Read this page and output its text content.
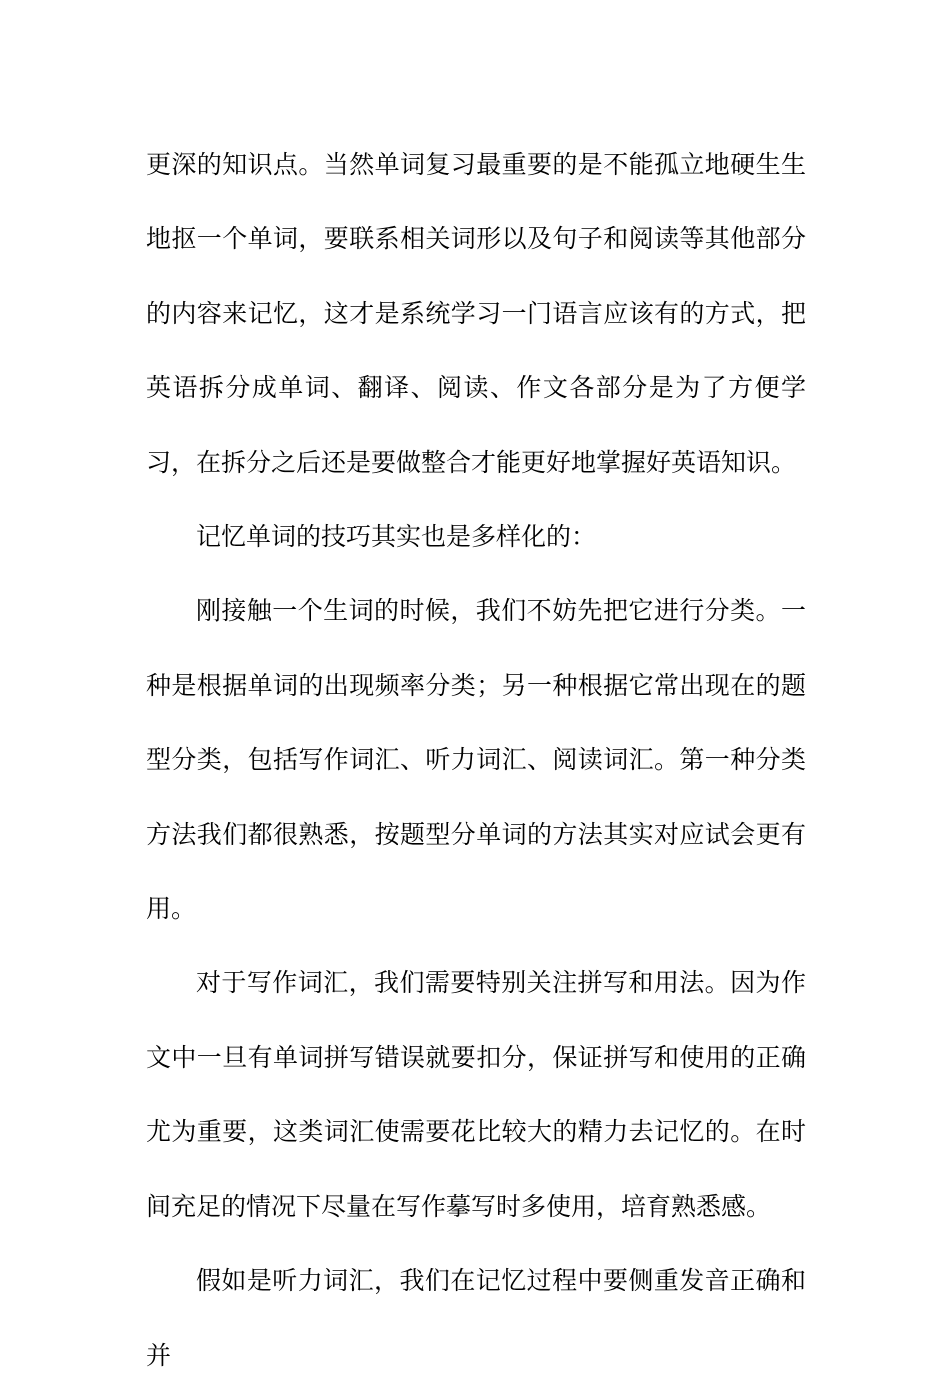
更深的知识点。当然单词复习最重要的是不能孤立地硬生生地抠一个单词，要联系相关词形以及句子和阅读等其他部分的内容来记忆，这才是系统学习一门语言应该有的方式，把英语拆分成单词、翻译、阅读、作文各部分是为了方便学习，在拆分之后还是要做整合才能更好地掌握好英语知识。

记忆单词的技巧其实也是多样化的：

刚接触一个生词的时候，我们不妨先把它进行分类。一种是根据单词的出现频率分类；另一种根据它常出现在的题型分类，包括写作词汇、听力词汇、阅读词汇。第一种分类方法我们都很熟悉，按题型分单词的方法其实对应试会更有用。

对于写作词汇，我们需要特别关注拼写和用法。因为作文中一旦有单词拼写错误就要扣分，保证拼写和使用的正确尤为重要，这类词汇使需要花比较大的精力去记忆的。在时间充足的情况下尽量在写作摹写时多使用，培育熟悉感。

假如是听力词汇，我们在记忆过程中要侧重发音正确和并
